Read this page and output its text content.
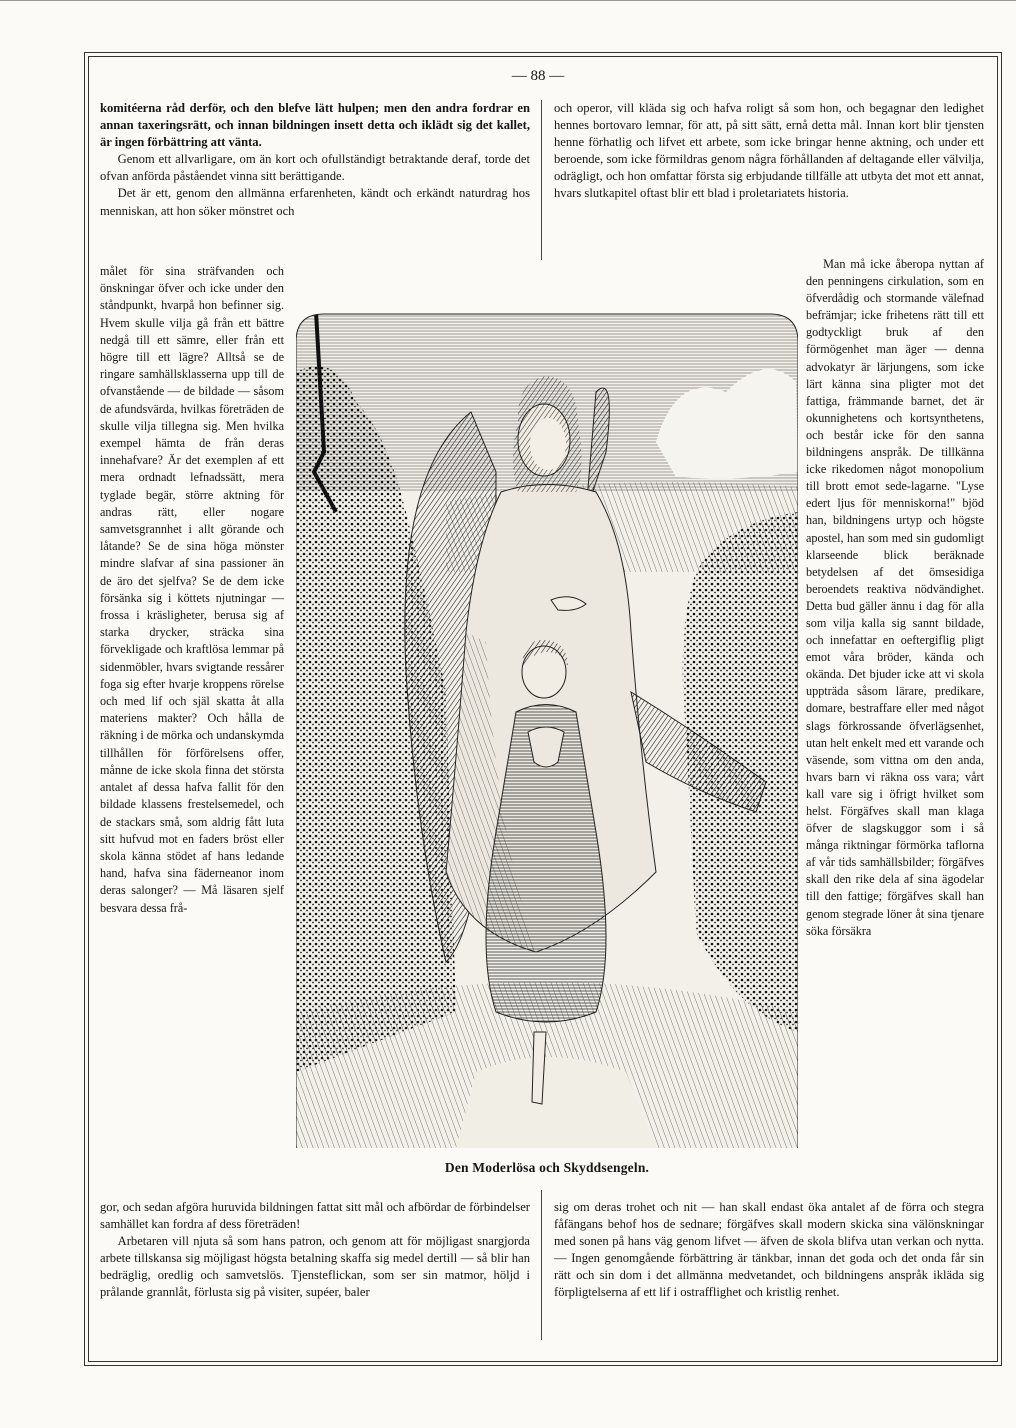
— 88 —

komitéerna råd derför, och den blefve lätt hulpen; men den andra fordrar en annan taxeringsrätt, och innan bildningen insett detta och iklädt sig det kallet, är ingen förbättring att vänta.

Genom ett allvarligare, om än kort och ofullständigt betraktande deraf, torde det ofvan anförda påståendet vinna sitt berättigande.

Det är ett, genom den allmänna erfarenheten, kändt och erkändt naturdrag hos menniskan, att hon söker mönstret och

och operor, vill kläda sig och hafva roligt så som hon, och begagnar den ledighet hennes bortovaro lemnar, för att, på sitt sätt, ernå detta mål. Innan kort blir tjensten henne förhatlig och lifvet ett arbete, som icke bringar henne aktning, och under ett beroende, som icke förmildras genom några förhållanden af deltagande eller välvilja, odrägligt, och hon omfattar första sig erbjudande tillfälle att utbyta det mot ett annat, hvars slutkapitel oftast blir ett blad i proletariatets historia.

målet för sina sträfvanden och önskningar öfver och icke under den ståndpunkt, hvarpå hon befinner sig. Hvem skulle vilja gå från ett bättre nedgå till ett sämre, eller från ett högre till ett lägre? Alltså se de ringare samhällsklasserna upp till de ofvanstående — de bildade — såsom de afundsvärda, hvilkas företräden de skulle vilja tillegna sig. Men hvilka exempel hämta de från deras innehafvare? Är det exemplen af ett mera ordnadt lefnadssätt, mera tyglade begär, större aktning för andras rätt, eller nogare samvetsgrannhet i allt görande och låtande? Se de sina höga mönster mindre slafvar af sina passioner än de äro det sjelfva? Se de dem icke försänka sig i köttets njutningar — frossa i kräsligheter, berusa sig af starka drycker, sträcka sina förvekligade och kraftlösa lemmar på sidenmöbler, hvars svigtande ressårer foga sig efter hvarje kroppens rörelse och med lif och själ skatta åt alla materiens makter? Och hålla de räkning i de mörka och undanskymda tillhållen för förförelsens offer, månne de icke skola finna det största antalet af dessa hafva fallit för den bildade klassens frestelsemedel, och de stackars små, som aldrig fått luta sitt hufvud mot en faders bröst eller skola känna stödet af hans ledande hand, hafva sina fäderneanor inom deras salonger? — Må läsaren sjelf besvara dessa frå-

Man må icke åberopa nyttan af den penningens cirkulation, som en öfverdådig och stormande välefnad befrämjar; icke frihetens rätt till ett godtyckligt bruk af den förmögenhet man äger — denna advokatyr är lärjungens, som icke lärt känna sina pligter mot det fattiga, främmande barnet, det är okunnighetens och kortsynthetens, och består icke för den sanna bildningens anspråk. De tillkänna icke rikedomen något monopolium till brott emot sede-lagarne. "Lyse edert ljus för menniskorna!" bjöd han, bildningens urtyp och högste apostel, han som med sin gudomligt klarseende blick beräknade betydelsen af det ömsesidiga beroendets reaktiva nödvändighet. Detta bud gäller ännu i dag för alla som vilja kalla sig sannt bildade, och innefattar en oeftergiflig pligt emot våra bröder, kända och okända. Det bjuder icke att vi skola uppträda såsom lärare, predikare, domare, bestraffare eller med något slags förkrossande öfverlägsenhet, utan helt enkelt med ett varande och väsende, som vittna om den anda, hvars barn vi räkna oss vara; vårt kall vare sig i öfrigt hvilket som helst. Förgäfves skall man klaga öfver de slagskuggor som i så många riktningar förmörka taflorna af vår tids samhällsbilder; förgäfves skall den rike dela af sina ägodelar till den fattige; förgäfves skall han genom stegrade löner åt sina tjenare söka försäkra

Den Moderlösa och Skyddsengeln.

gor, och sedan afgöra huruvida bildningen fattat sitt mål och afbördar de förbindelser samhället kan fordra af dess företräden!

Arbetaren vill njuta så som hans patron, och genom att för möjligast snargjorda arbete tillskansa sig möjligast högsta betalning skaffa sig medel dertill — så blir han bedräglig, oredlig och samvetslös. Tjensteflickan, som ser sin matmor, höljd i prålande grannlåt, förlusta sig på visiter, supéer, baler

sig om deras trohet och nit — han skall endast öka antalet af de förra och stegra fåfängans behof hos de sednare; förgäfves skall modern skicka sina välönskningar med sonen på hans väg genom lifvet — äfven de skola blifva utan verkan och nytta. — Ingen genomgående förbättring är tänkbar, innan det goda och det onda får sin rätt och sin dom i det allmänna medvetandet, och bildningens anspråk ikläda sig förpligtelserna af ett lif i ostrafflighet och kristlig renhet.
